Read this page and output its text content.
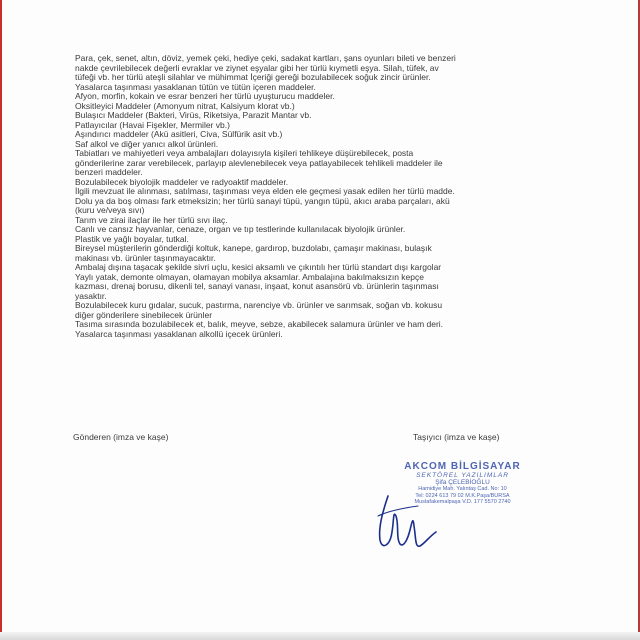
Para, çek, senet, altın, döviz, yemek çeki, hediye çeki, sadakat kartları, şans oyunları bileti ve benzeri
nakde çevrilebilecek değerli evraklar ve ziynet eşyalar gibi her türlü kıymetli eşya. Silah, tüfek, av
tüfeği vb. her türlü ateşli silahlar ve mühimmat İçeriği gereği bozulabilecek soğuk zincir ürünler.
Yasalarca taşınması yasaklanan tütün ve tütün içeren maddeler.
Afyon, morfin, kokain ve esrar benzeri her türlü uyuşturucu maddeler.
Oksitleyici Maddeler (Amonyum nitrat, Kalsiyum klorat vb.)
Bulaşıcı Maddeler (Bakteri, Virüs, Riketsiya, Parazit Mantar vb.
Patlayıcılar (Havai Fişekler, Mermiler vb.)
Aşındırıcı maddeler (Akü asitleri, Civa, Sülfürik asit vb.)
Saf alkol ve diğer yanıcı alkol ürünleri.
Tabiatları ve mahiyetleri veya ambalajları dolayısıyla kişileri tehlikeye düşürebilecek, posta
gönderilerine zarar verebilecek, parlayıp alevlenebilecek veya patlayabilecek tehlikeli maddeler ile
benzeri maddeler.
Bozulabilecek biyolojik maddeler ve radyoaktif maddeler.
İlgili mevzuat ile alınması, satılması, taşınması veya elden ele geçmesi yasak edilen her türlü madde.
Dolu ya da boş olması fark etmeksizin; her türlü sanayi tüpü, yangın tüpü, akıcı araba parçaları, akü
(kuru ve/veya sıvı)
Tarım ve zirai ilaçlar ile her türlü sıvı ilaç.
Canlı ve cansız hayvanlar, cenaze, organ ve tıp testlerinde kullanılacak biyolojik ürünler.
Plastik ve yağlı boyalar, tutkal.
Bireysel müşterilerin gönderdiği koltuk, kanepe, gardırop, buzdolabı, çamaşır makinası, bulaşık
makinası vb. ürünler taşınmayacaktır.
Ambalaj dışına taşacak şekilde sivri uçlu, kesici aksamlı ve çıkıntılı her türlü standart dışı kargolar
Yaylı yatak, demonte olmayan, olamayan mobilya aksamlar. Ambalajına bakılmaksızın kepçe
kazması, drenaj borusu, dikenli tel, sanayi vanası, inşaat, konut asansörü vb. ürünlerin taşınması
yasaktır.
Bozulabilecek kuru gıdalar, sucuk, pastırma, narenciye vb. ürünler ve sarımsak, soğan vb. kokusu
diğer gönderilere sinebilecek ürünler
Tasıma sırasında bozulabilecek et, balık, meyve, sebze, akabilecek salamura ürünler ve ham deri.
Yasalarca taşınması yasaklanan alkollü içecek ürünleri.
Gönderen (imza ve kaşe)	Taşıyıcı (imza ve kaşe)
AKCOM BİLGİSAYAR
SEKTÖREL YAZILIMLAR
Şifa ÇELEBİOĞLU
Hamidiye Mah. Yalıntaş Cad. No: 10
Tel: 0224 613 79 02 M.K.Paşa/BURSA
Mustafakemalpaşa V.D. 177 5570 2740
